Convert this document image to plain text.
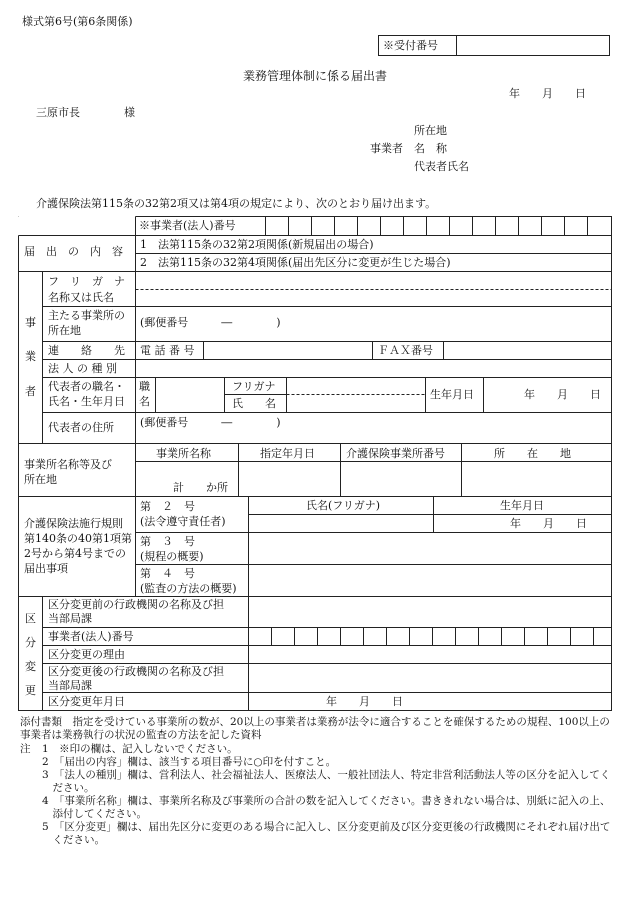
様式第6号(第6条関係)
※受付番号
業務管理体制に係る届出書
年　　月　　日
三原市長　　　　様
所在地
事業者　名　称
代表者氏名
介護保険法第115条の32第2項又は第4項の規定により、次のとおり届け出ます。
※事業者(法人)番号
届　出　の　内　容
1　法第115条の32第2項関係(新規届出の場合)
2　法第115条の32第4項関係(届出先区分に変更が生じた場合)
事
業
者
フ　リ　ガ　ナ
名称又は氏名
主たる事業所の
所在地
(郵便番号　　　―　　　　)
連　　絡　　先 電 話 番 号	ＦＡＸ番号
法 人 の 種 別
代表者の職名・
氏名・生年月日
職
名
フリガナ
氏　　名
生年月日	年　　月　　日
代表者の住所 (郵便番号　　　―　　　　)
事業所名称等及び
所在地
事業所名称	指定年月日	介護保険事業所番号	所　　在　　地
計　　か所
介護保険法施行規則
第140条の40第1項第
2号から第4号までの
届出事項
第　２　号
(法令遵守責任者)
氏名(フリガナ)	生年月日
年　　月　　日
第　３　号
(規程の概要)
第　４　号
(監査の方法の概要)
区
分
変
更
区分変更前の行政機関の名称及び担
当部局課
事業者(法人)番号
区分変更の理由
区分変更後の行政機関の名称及び担
当部局課
区分変更年月日	年　　月　　日
添付書類　 指定を受けている事業所の数が、20以上の事業者は業務が法令に適合することを確保するための規程、100以上の事業者は業務執行の状況の監査の方法を記した資料
注	1　※印の欄は、記入しないでください。
2　「届出の内容」欄は、該当する項目番号に○印を付すこと。
3　「法人の種別」欄は、営利法人、社会福祉法人、医療法人、一般社団法人、特定非営利活動法人等の区分を記入してください。
4　「事業所名称」欄は、事業所名称及び事業所の合計の数を記入してください。書ききれない場合は、別紙に記入の上、添付してください。
5　「区分変更」欄は、届出先区分に変更のある場合に記入し、区分変更前及び区分変更後の行政機関にそれぞれ届け出てください。
